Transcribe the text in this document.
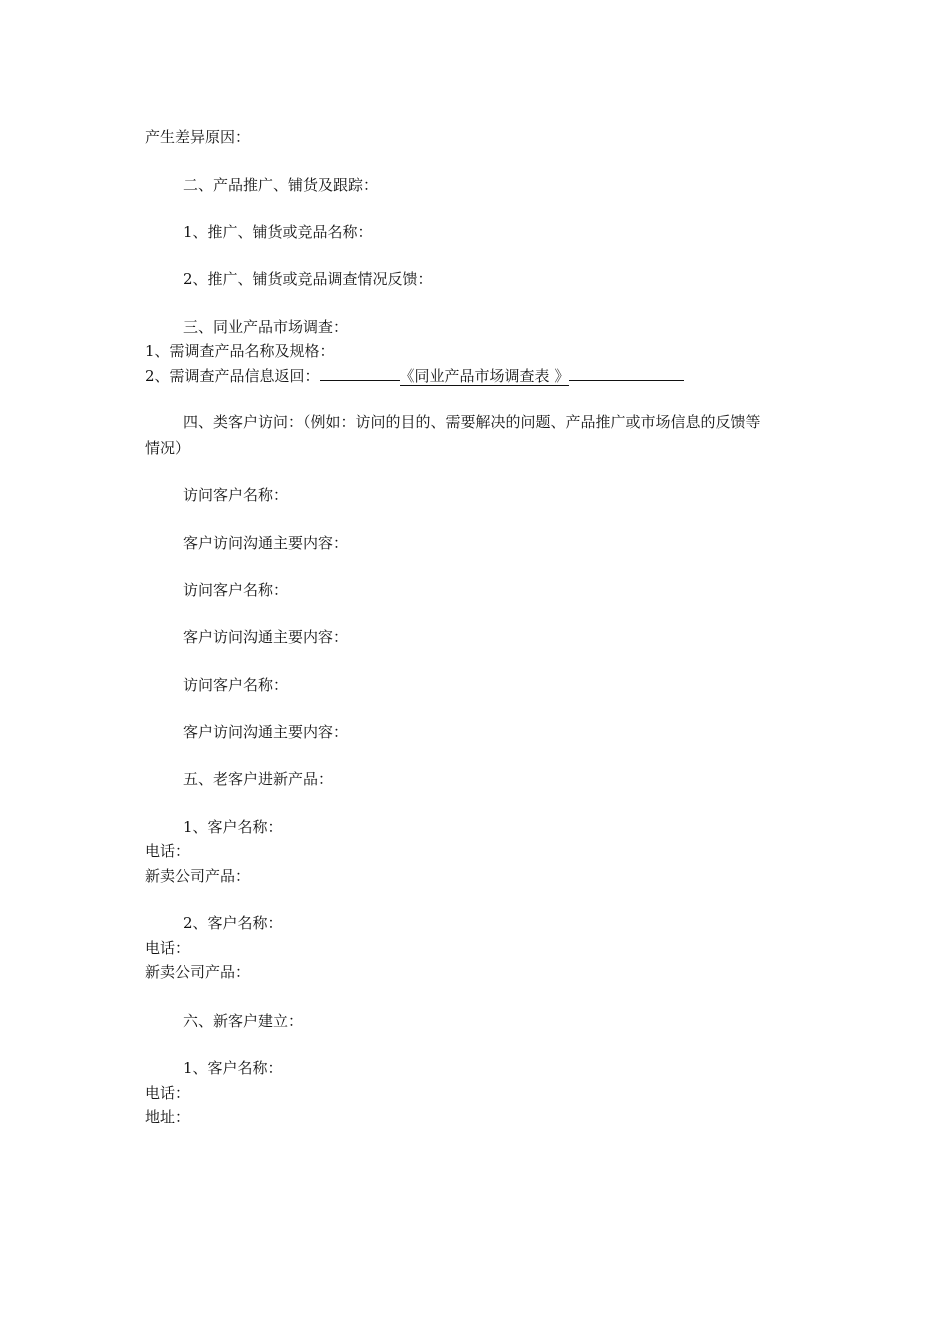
产生差异原因：
二、产品推广、铺货及跟踪：
1、推广、铺货或竞品名称：
2、推广、铺货或竞品调查情况反馈：
三、同业产品市场调查：
1、需调查产品名称及规格：
2、需调查产品信息返回：	《同业产品市场调查表 》
四、类客户访问：（例如：访问的目的、需要解决的问题、产品推广或市场信息的反馈等情况）
访问客户名称：
客户访问沟通主要内容：
访问客户名称：
客户访问沟通主要内容：
访问客户名称：
客户访问沟通主要内容：
五、老客户进新产品：
1、客户名称：
电话：
新卖公司产品：
2、客户名称：
电话：
新卖公司产品：
六、新客户建立：
1、客户名称：
电话：
地址：
